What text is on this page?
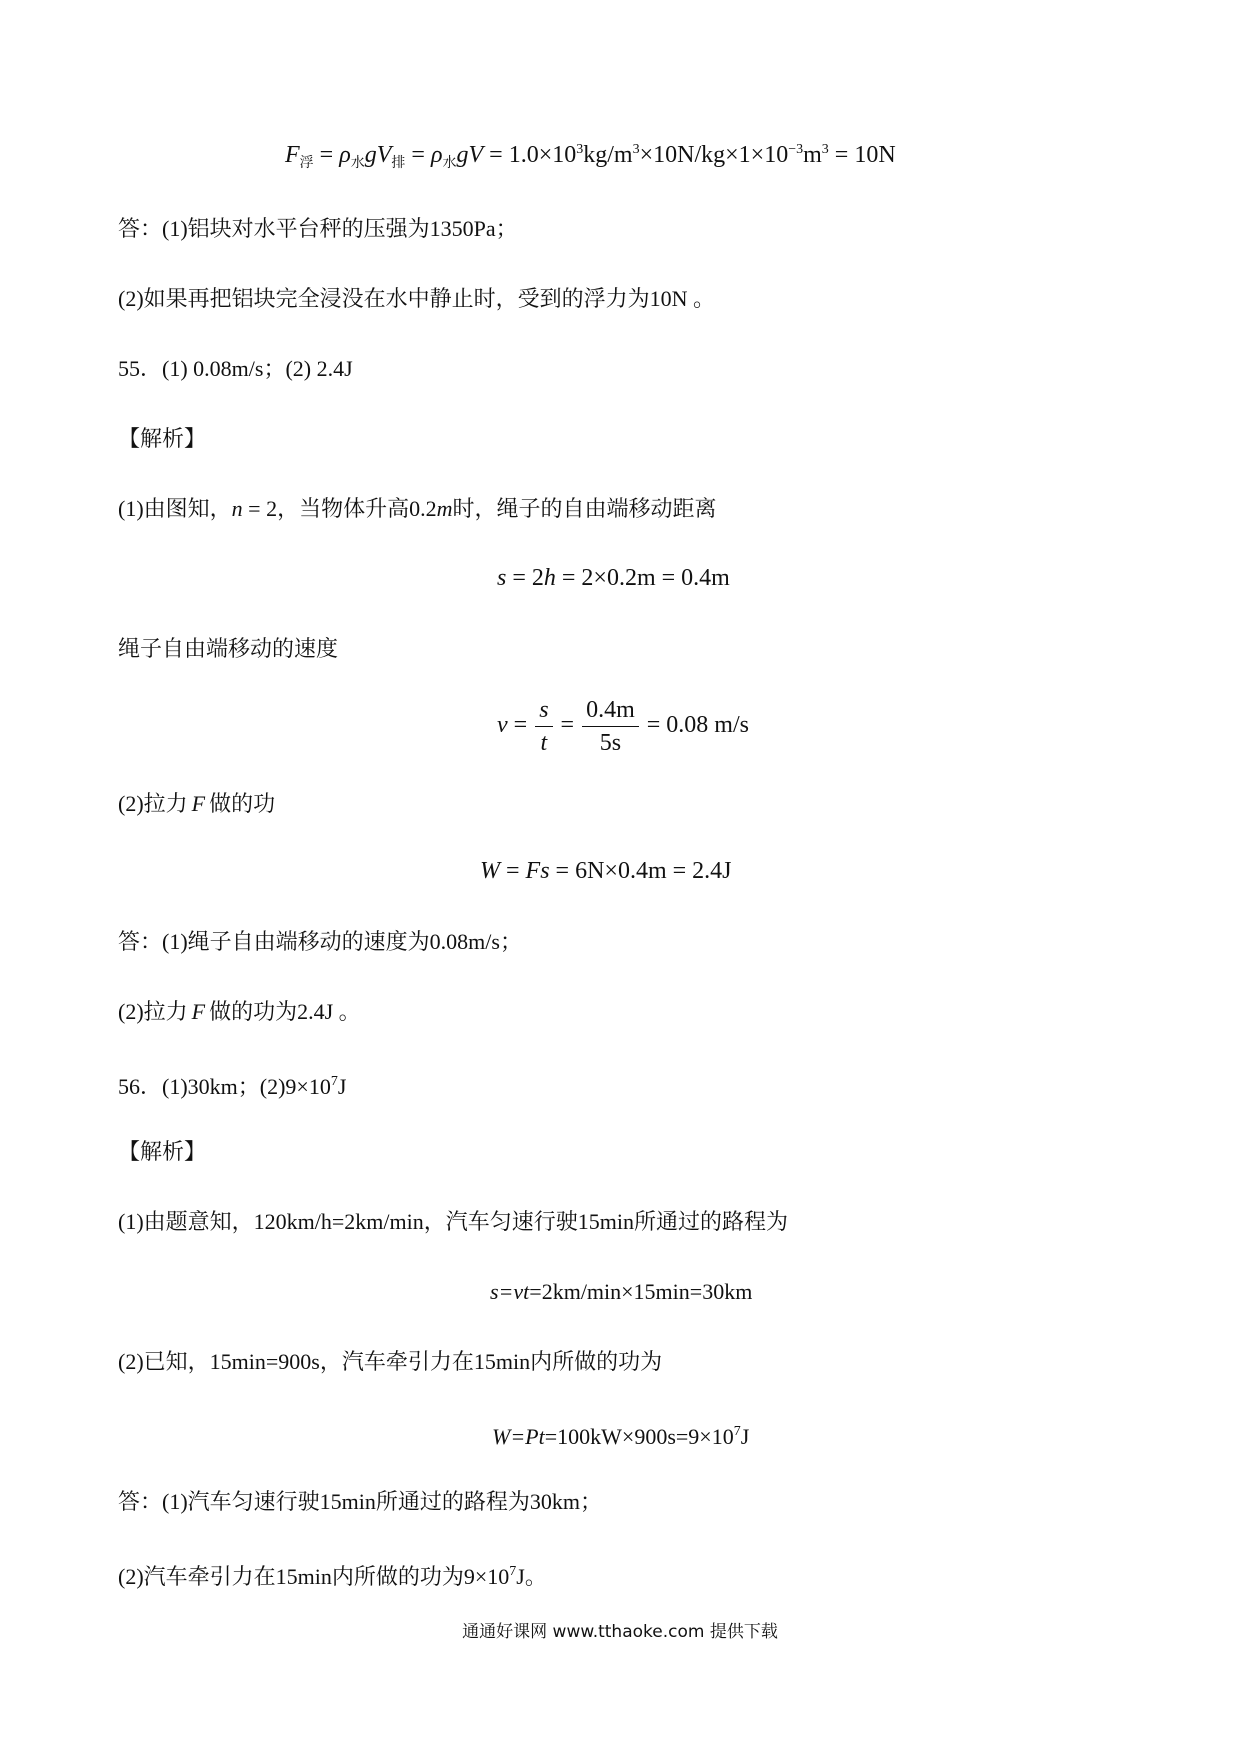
$F_浮 = \rho_水gV_排 = \rho_水gV = 1.0\times 10^3kg/m^3\times 10N/kg\times 1\times 10^{-3}m^3 = 10N$
答：(1)铝块对水平台秤的压强为1350Pa；
(2)如果再把铝块完全浸没在水中静止时，受到的浮力为10N 。
55．(1) 0.08m/s；(2) 2.4J
【解析】
(1)由图知，n = 2，当物体升高0.2m时，绳子的自由端移动距离
s = 2h = 2×0.2m = 0.4m
绳子自由端移动的速度
$v = \frac{s}{t} = \frac{0.4m}{5s} = 0.08$ m/s
(2)拉力 F 做的功
W = Fs = 6N×0.4m = 2.4J
答：(1)绳子自由端移动的速度为0.08m/s；
(2)拉力 F 做的功为2.4J 。
56．(1)30km；$(2)9\times 10^7J$
【解析】
(1)由题意知，120km/h=2km/min，汽车匀速行驶15min所通过的路程为
s=vt=2km/min×15min=30km
(2)已知，15min=900s，汽车牵引力在15min内所做的功为
$W=Pt=100kW\times 900s=9\times 10^7J$
答：(1)汽车匀速行驶15min所通过的路程为30km；
(2)汽车牵引力在15min内所做的功为$9\times 10^7J$。
通通好课网 www.tthaoke.com 提供下载
